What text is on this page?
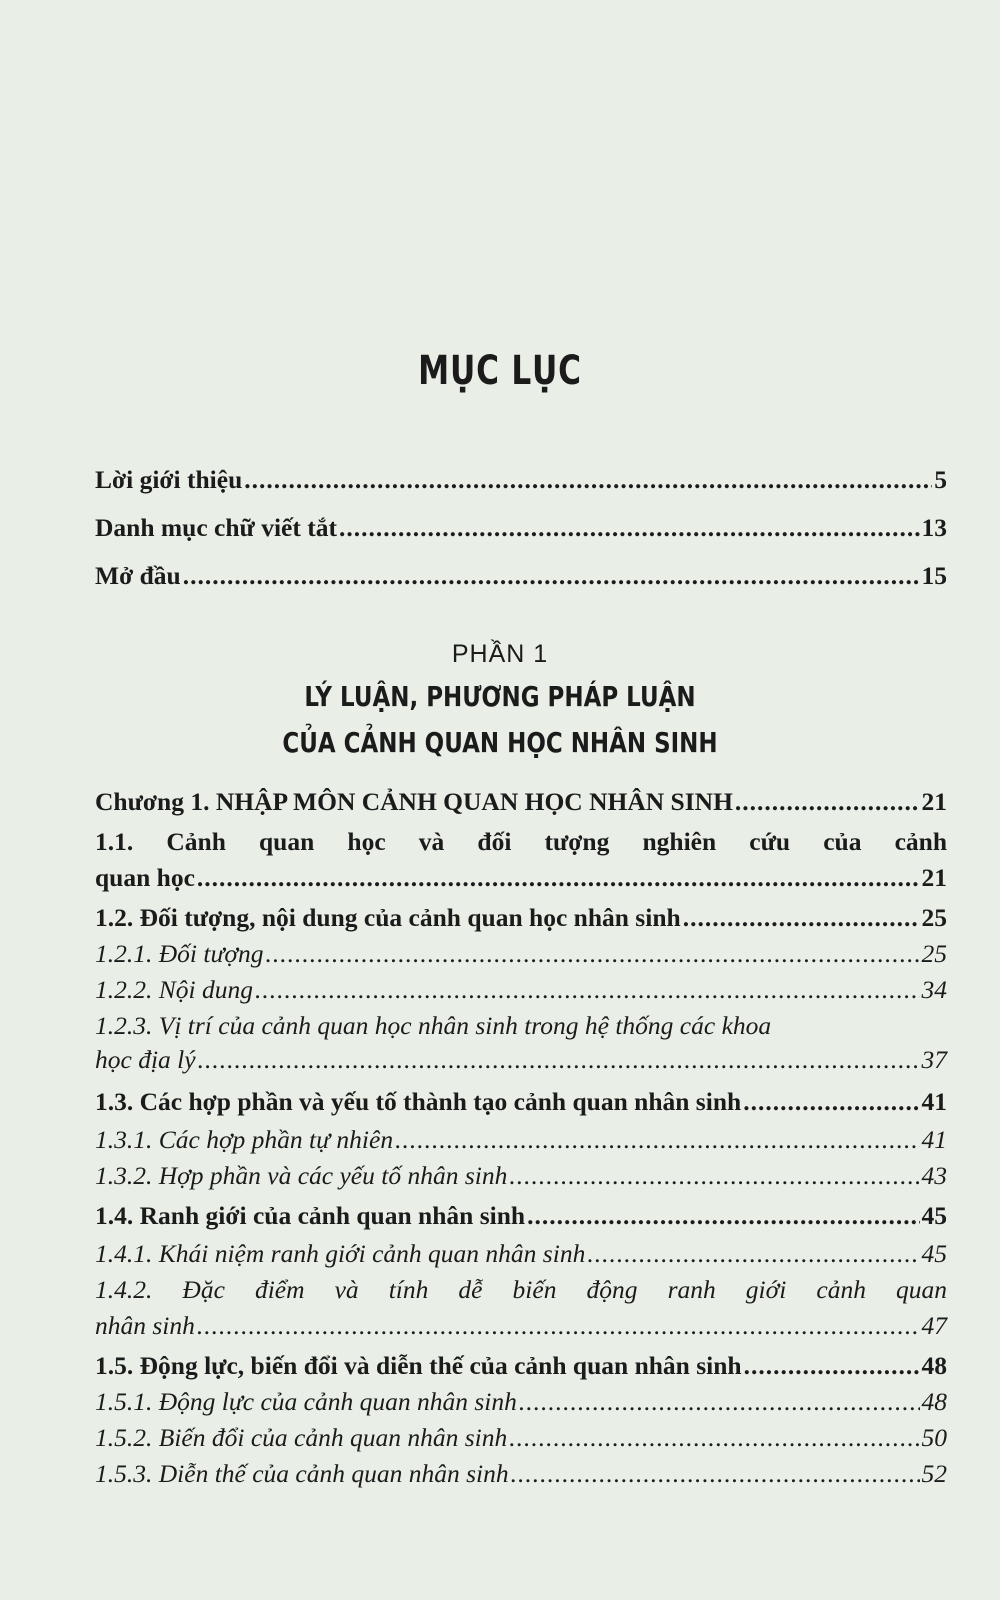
MỤC LỤC
Lời giới thiệu .....	5
Danh mục chữ viết tắt .....	13
Mở đầu .....	15
PHẦN 1
LÝ LUẬN, PHƯƠNG PHÁP LUẬN
CỦA CẢNH QUAN HỌC NHÂN SINH
Chương 1. NHẬP MÔN CẢNH QUAN HỌC NHÂN SINH .....	21
1.1. Cảnh quan học và đối tượng nghiên cứu của cảnh
quan học .....	21
1.2. Đối tượng, nội dung của cảnh quan học nhân sinh .....	25
1.2.1. Đối tượng .....	25
1.2.2. Nội dung .....	34
1.2.3. Vị trí của cảnh quan học nhân sinh trong hệ thống các khoa
học địa lý .....	37
1.3. Các hợp phần và yếu tố thành tạo cảnh quan nhân sinh .....	41
1.3.1. Các hợp phần tự nhiên .....	41
1.3.2. Hợp phần và các yếu tố nhân sinh .....	43
1.4. Ranh giới của cảnh quan nhân sinh .....	45
1.4.1. Khái niệm ranh giới cảnh quan nhân sinh .....	45
1.4.2. Đặc điểm và tính dễ biến động ranh giới cảnh quan
nhân sinh .....	47
1.5. Động lực, biến đổi và diễn thế của cảnh quan nhân sinh .....	48
1.5.1. Động lực của cảnh quan nhân sinh .....	48
1.5.2. Biến đổi của cảnh quan nhân sinh .....	50
1.5.3. Diễn thế của cảnh quan nhân sinh .....	52
